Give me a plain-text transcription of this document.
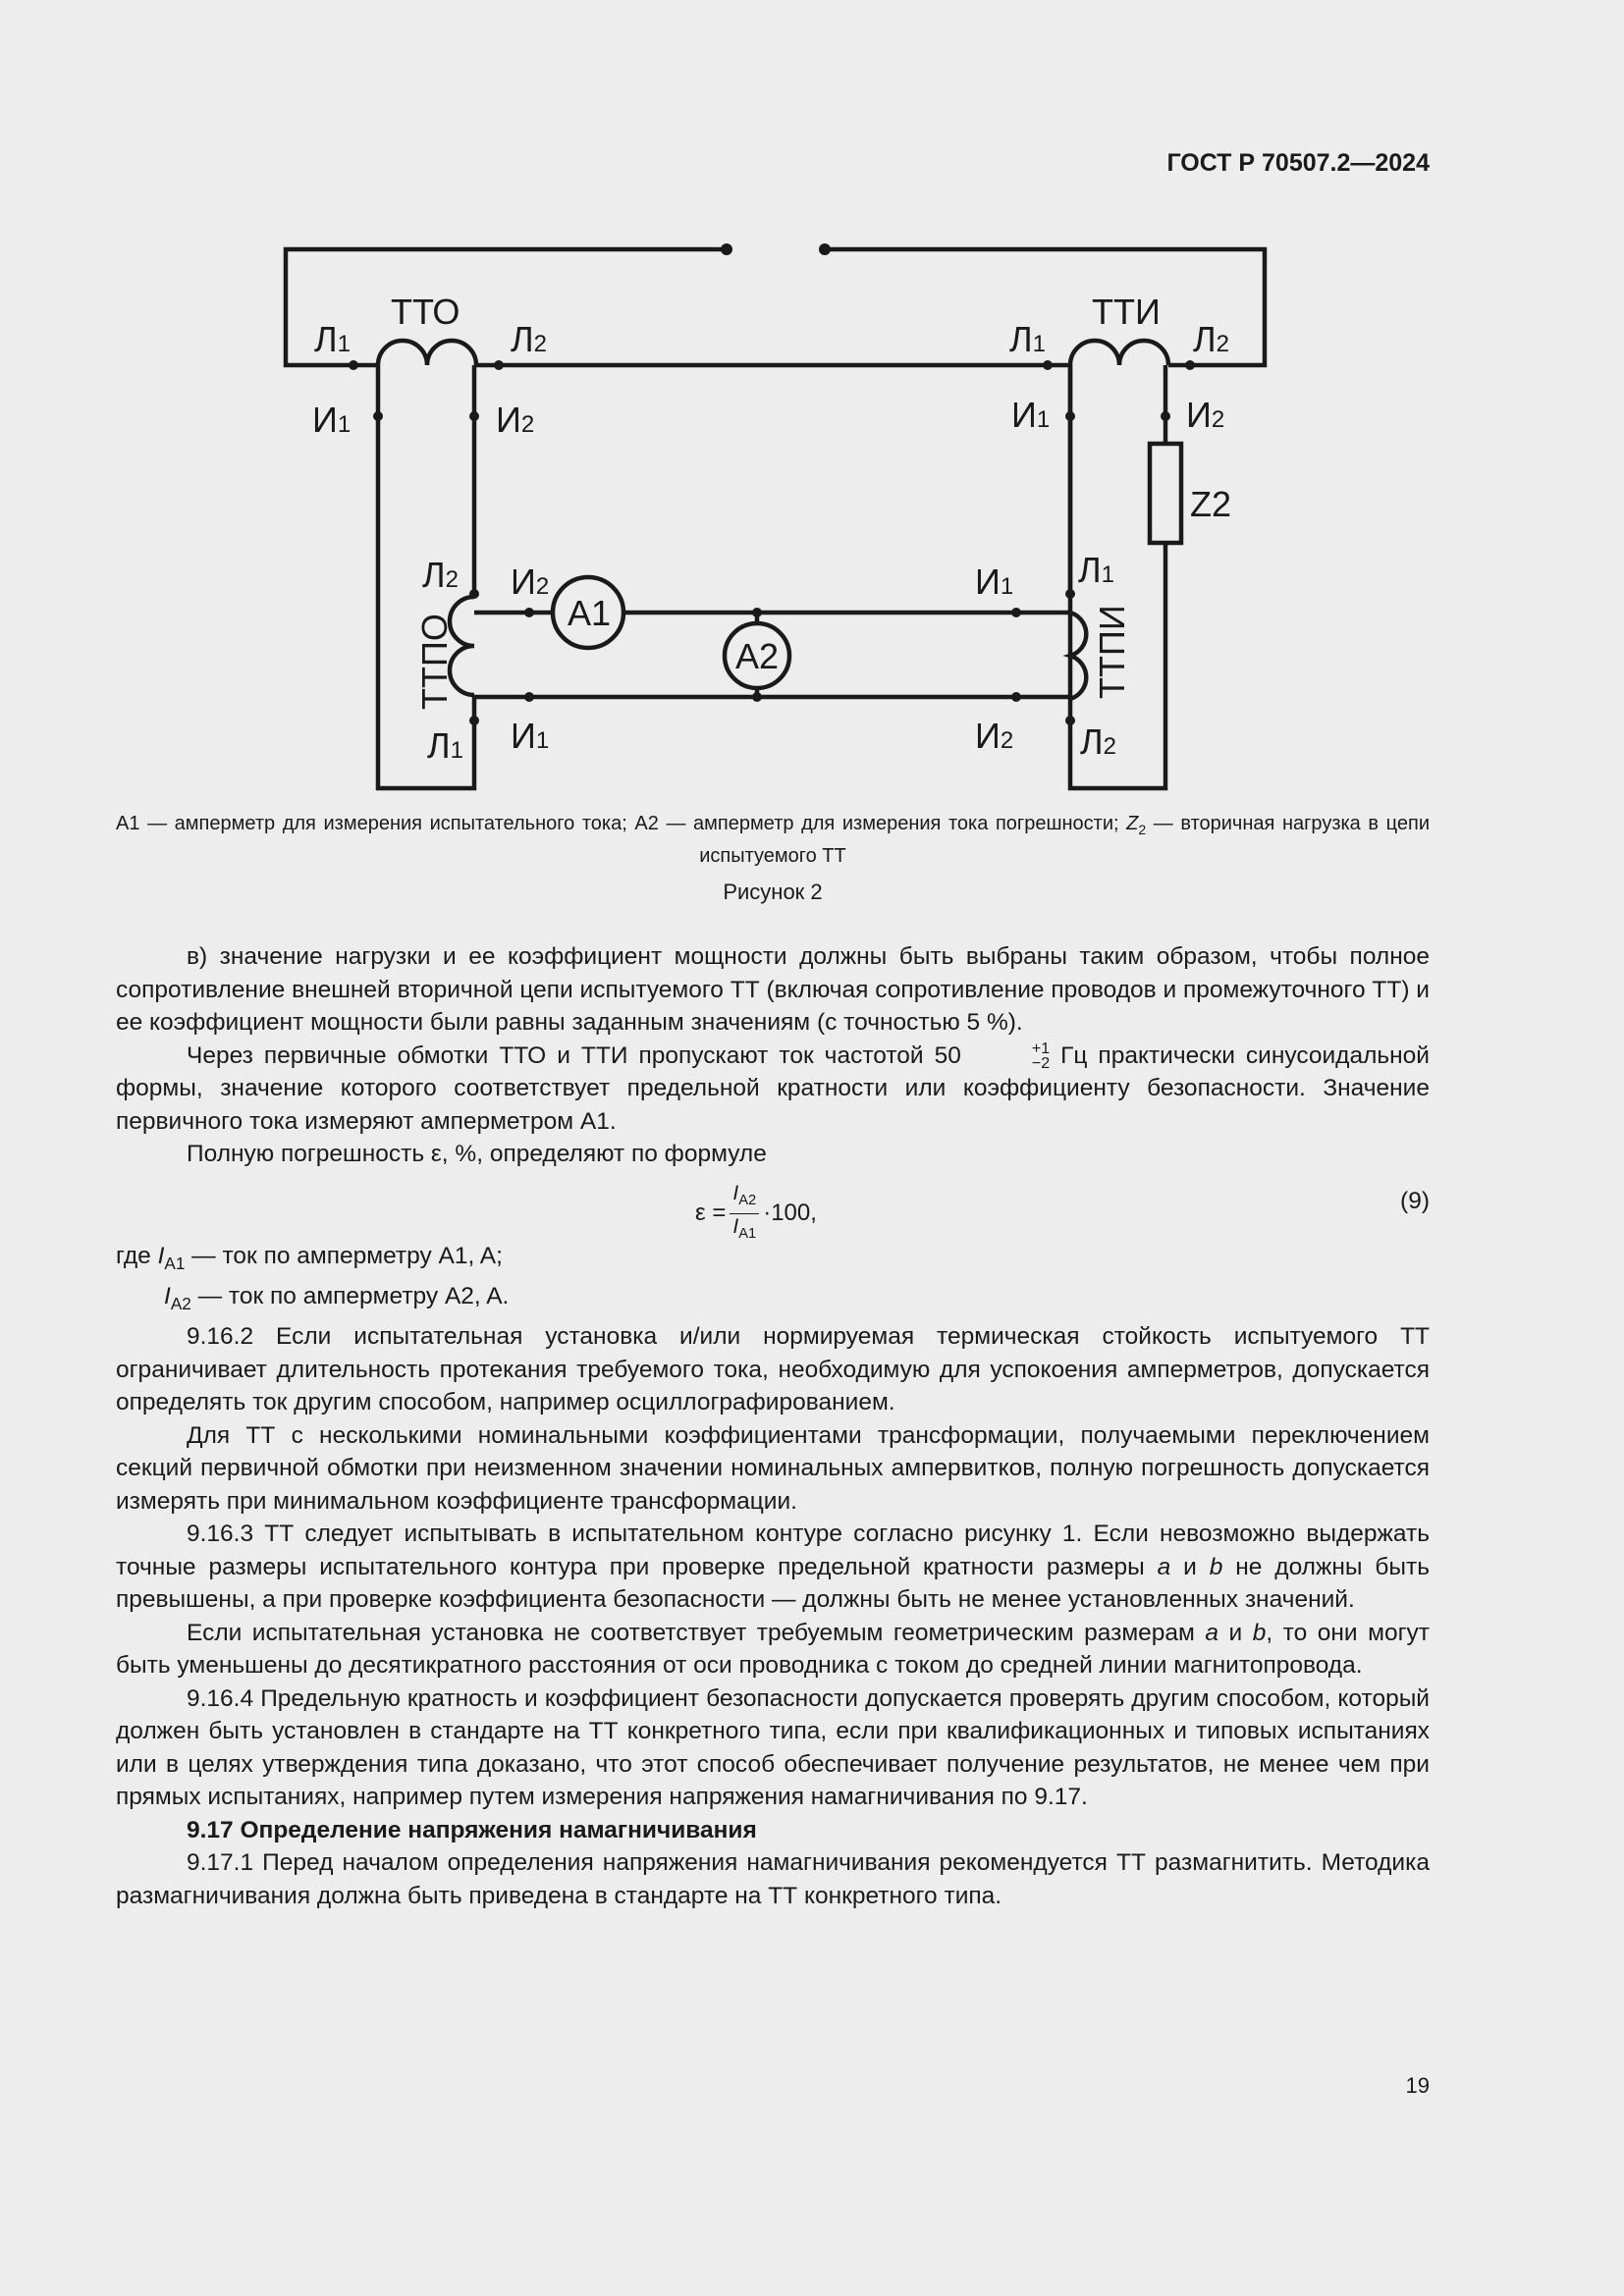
ГОСТ Р 70507.2—2024
ТТО	ТТИ
Л1	Л2	Л1	Л2
И1	И2	И1	И2
Z2
Л2 И2	И1 Л1
Л1 И1	И2 Л2
ТТПО	ТТПИ
A1
A2
A1 — амперметр для измерения испытательного тока; A2 — амперметр для измерения тока погрешности; $Z_2$ — вторичная нагрузка в цепи испытуемого ТТ
Рисунок 2

в) значение нагрузки и ее коэффициент мощности должны быть выбраны таким образом, чтобы полное сопротивление внешней вторичной цепи испытуемого ТТ (включая сопротивление проводов и промежуточного ТТ) и ее коэффициент мощности были равны заданным значениям (с точностью 5 %).

Через первичные обмотки ТТО и ТТИ пропускают ток частотой 50	+1
−2 Гц практически синусоидальной формы, значение которого соответствует предельной кратности или коэффициенту безопасности. Значение первичного тока измеряют амперметром A1.

Полную погрешность ε, %, определяют по формуле

$\varepsilon = \frac{I_{A2}}{I_{A1}} \cdot 100$,	(9)

где $I_{A1}$ — ток по амперметру A1, A;

$I_{A2}$ — ток по амперметру A2, A.

9.16.2 Если испытательная установка и/или нормируемая термическая стойкость испытуемого ТТ ограничивает длительность протекания требуемого тока, необходимую для успокоения амперметров, допускается определять ток другим способом, например осциллографированием.

Для ТТ с несколькими номинальными коэффициентами трансформации, получаемыми переключением секций первичной обмотки при неизменном значении номинальных ампервитков, полную погрешность допускается измерять при минимальном коэффициенте трансформации.

9.16.3 ТТ следует испытывать в испытательном контуре согласно рисунку 1. Если невозможно выдержать точные размеры испытательного контура при проверке предельной кратности размеры a и b не должны быть превышены, а при проверке коэффициента безопасности — должны быть не менее установленных значений.

Если испытательная установка не соответствует требуемым геометрическим размерам a и b, то они могут быть уменьшены до десятикратного расстояния от оси проводника с током до средней линии магнитопровода.

9.16.4 Предельную кратность и коэффициент безопасности допускается проверять другим способом, который должен быть установлен в стандарте на ТТ конкретного типа, если при квалификационных и типовых испытаниях или в целях утверждения типа доказано, что этот способ обеспечивает получение результатов, не менее чем при прямых испытаниях, например путем измерения напряжения намагничивания по 9.17.

9.17 Определение напряжения намагничивания

9.17.1 Перед началом определения напряжения намагничивания рекомендуется ТТ размагнитить. Методика размагничивания должна быть приведена в стандарте на ТТ конкретного типа.

19
